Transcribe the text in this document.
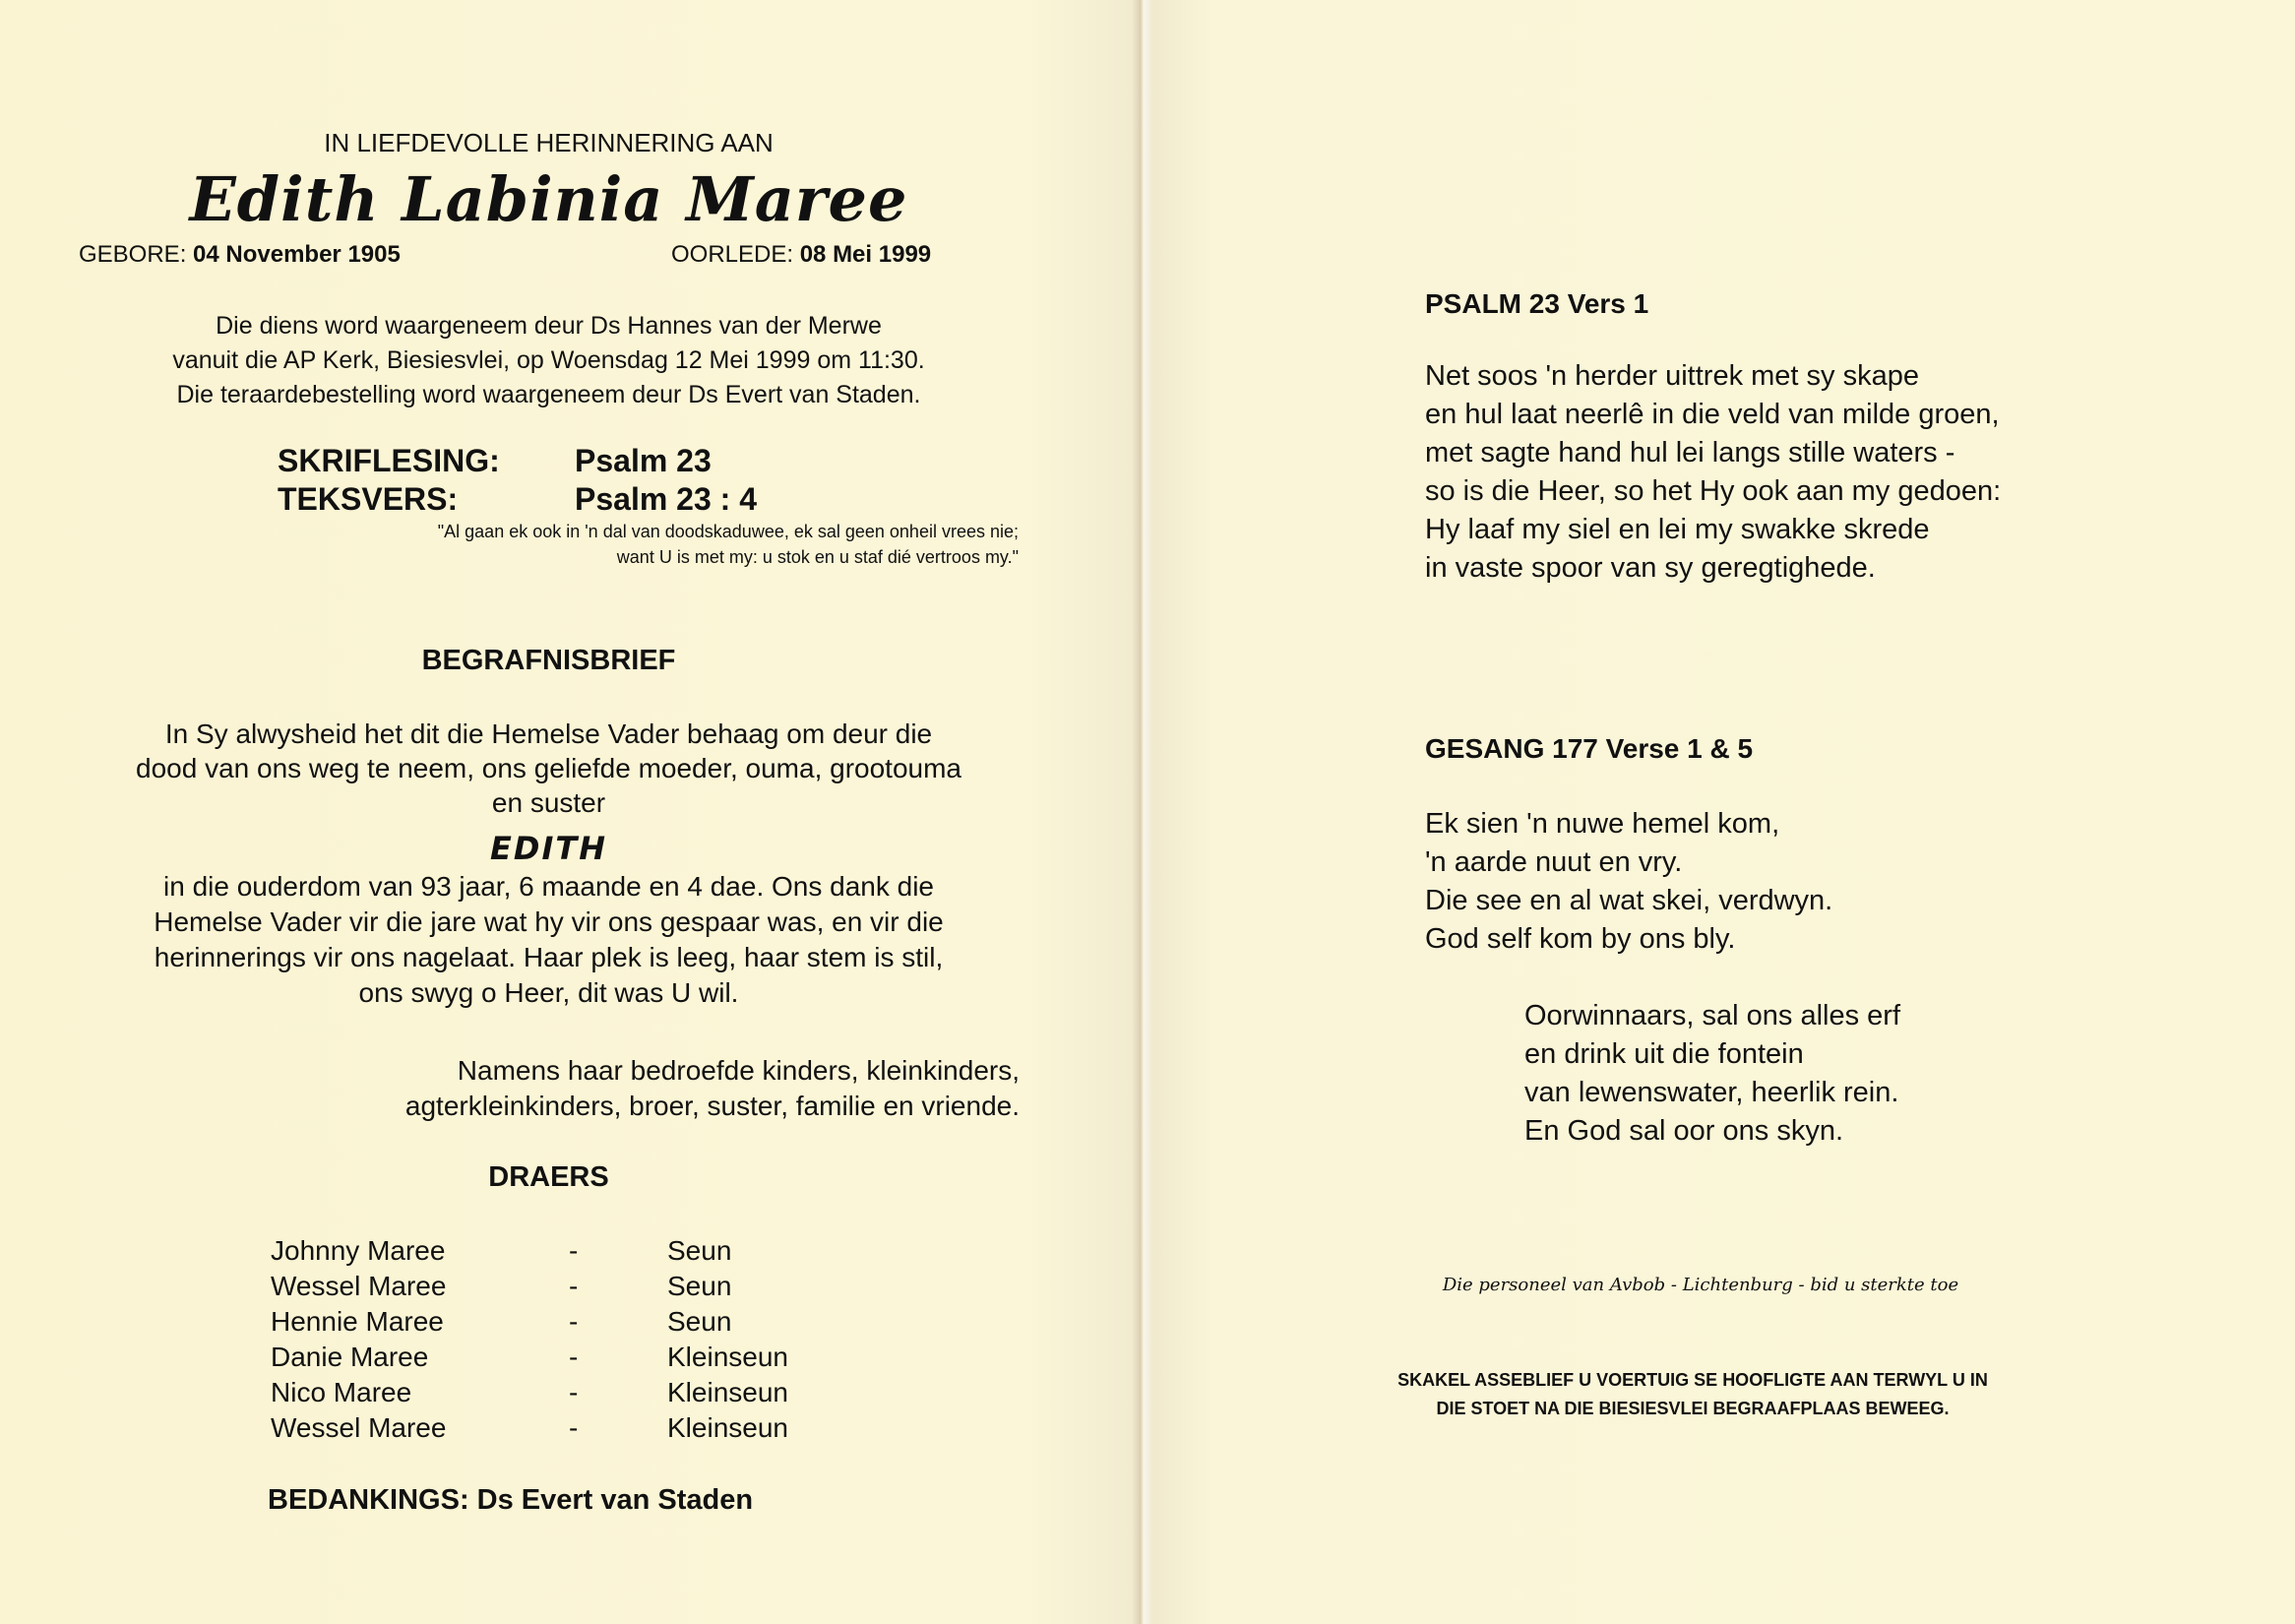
IN LIEFDEVOLLE HERINNERING AAN
Edith Labinia Maree
GEBORE: 04 November 1905	OORLEDE: 08 Mei 1999
Die diens word waargeneem deur Ds Hannes van der Merwe
vanuit die AP Kerk, Biesiesvlei, op Woensdag 12 Mei 1999 om 11:30.
Die teraardebestelling word waargeneem deur Ds Evert van Staden.
SKRIFLESING: Psalm 23
TEKSVERS:	Psalm 23 : 4
"Al gaan ek ook in 'n dal van doodskaduwee, ek sal geen onheil vrees nie;
want U is met my: u stok en u staf dié vertroos my."
BEGRAFNISBRIEF
In Sy alwysheid het dit die Hemelse Vader behaag om deur die
dood van ons weg te neem, ons geliefde moeder, ouma, grootouma
en suster
EDITH
in die ouderdom van 93 jaar, 6 maande en 4 dae. Ons dank die
Hemelse Vader vir die jare wat hy vir ons gespaar was, en vir die
herinnerings vir ons nagelaat. Haar plek is leeg, haar stem is stil,
ons swyg o Heer, dit was U wil.
Namens haar bedroefde kinders, kleinkinders,
agterkleinkinders, broer, suster, familie en vriende.
DRAERS
Johnny Maree	-	Seun
Wessel Maree	-	Seun
Hennie Maree	-	Seun
Danie Maree	-	Kleinseun
Nico Maree	-	Kleinseun
Wessel Maree	-	Kleinseun
BEDANKINGS: Ds Evert van Staden
PSALM 23 Vers 1
Net soos 'n herder uittrek met sy skape
en hul laat neerlê in die veld van milde groen,
met sagte hand hul lei langs stille waters -
so is die Heer, so het Hy ook aan my gedoen:
Hy laaf my siel en lei my swakke skrede
in vaste spoor van sy geregtighede.
GESANG 177 Verse 1 & 5
Ek sien 'n nuwe hemel kom,
'n aarde nuut en vry.
Die see en al wat skei, verdwyn.
God self kom by ons bly.
Oorwinnaars, sal ons alles erf
en drink uit die fontein
van lewenswater, heerlik rein.
En God sal oor ons skyn.
Die personeel van Avbob - Lichtenburg - bid u sterkte toe
SKAKEL ASSEBLIEF U VOERTUIG SE HOOFLIGTE AAN TERWYL U IN
DIE STOET NA DIE BIESIESVLEI BEGRAAFPLAAS BEWEEG.
